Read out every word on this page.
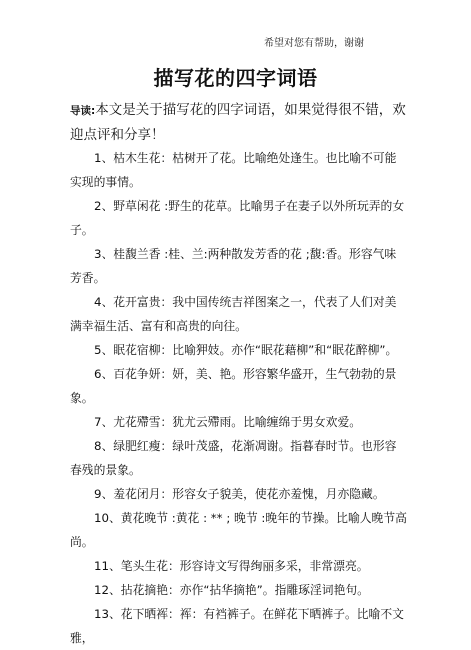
希望对您有帮助，谢谢
描写花的四字词语
导读:本文是关于描写花的四字词语，如果觉得很不错，欢迎点评和分享！
1、枯木生花：枯树开了花。比喻绝处逢生。也比喻不可能实现的事情。
2、野草闲花 :野生的花草。比喻男子在妻子以外所玩弄的女子。
3、桂馥兰香 :桂、兰:两种散发芳香的花 ;馥:香。形容气味芳香。
4、花开富贵：我中国传统吉祥图案之一，代表了人们对美满幸福生活、富有和高贵的向往。
5、眠花宿柳：比喻狎妓。亦作“眠花藉柳”和“眠花醉柳”。
6、百花争妍：妍，美、艳。形容繁华盛开，生气勃勃的景象。
7、尤花殢雪：犹尤云殢雨。比喻缠绵于男女欢爱。
8、绿肥红瘦：绿叶茂盛，花渐凋谢。指暮春时节。也形容春残的景象。
9、羞花闭月：形容女子貌美，使花亦羞愧，月亦隐藏。
10、黄花晚节 :黄花 : ** ; 晚节 :晚年的节操。比喻人晚节高尚。
11、笔头生花：形容诗文写得绚丽多采，非常漂亮。
12、拈花摘艳：亦作“拈华摘艳”。指雕琢淫词艳句。
13、花下晒裈：裈：有裆裤子。在鲜花下晒裤子。比喻不文雅，
